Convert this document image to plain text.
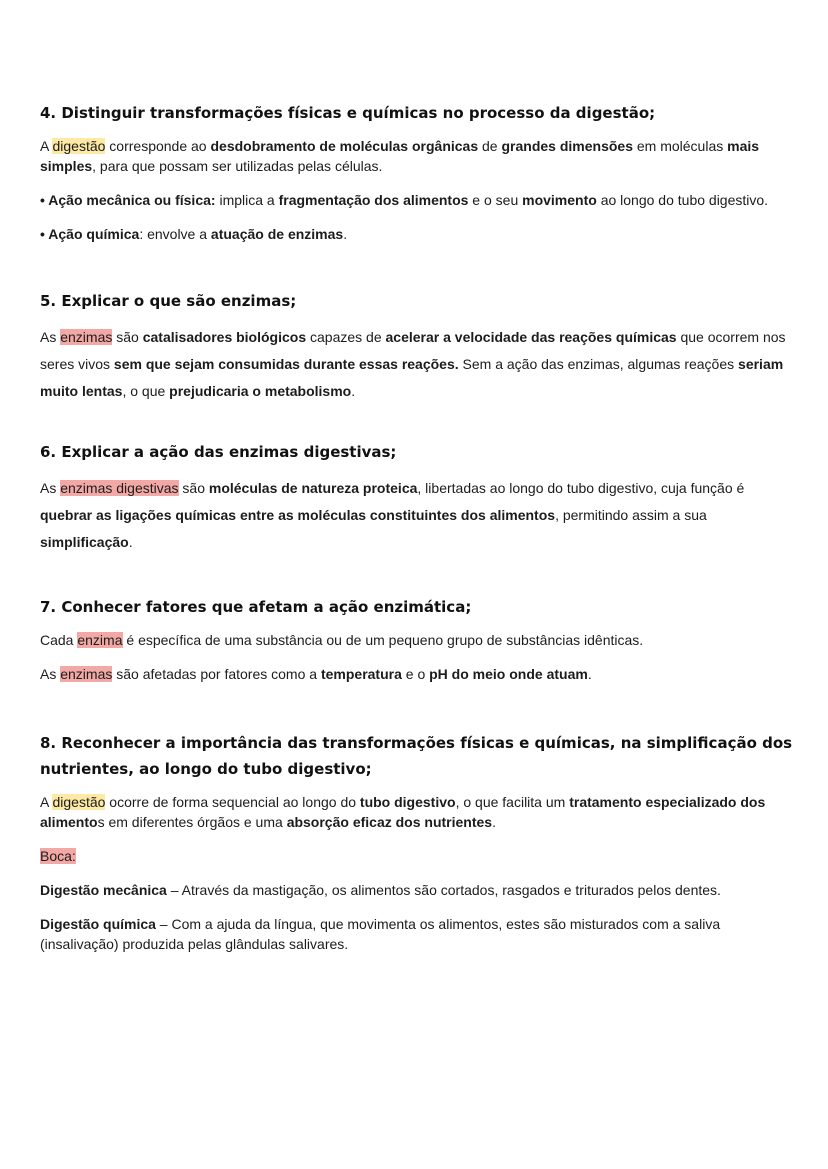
4. Distinguir transformações físicas e químicas no processo da digestão;

A digestão corresponde ao desdobramento de moléculas orgânicas de grandes dimensões em moléculas mais simples, para que possam ser utilizadas pelas células.

• Ação mecânica ou física: implica a fragmentação dos alimentos e o seu movimento ao longo do tubo digestivo.

• Ação química: envolve a atuação de enzimas.

5. Explicar o que são enzimas;

As enzimas são catalisadores biológicos capazes de acelerar a velocidade das reações químicas que ocorrem nos seres vivos sem que sejam consumidas durante essas reações. Sem a ação das enzimas, algumas reações seriam muito lentas, o que prejudicaria o metabolismo.

6. Explicar a ação das enzimas digestivas;

As enzimas digestivas são moléculas de natureza proteica, libertadas ao longo do tubo digestivo, cuja função é quebrar as ligações químicas entre as moléculas constituintes dos alimentos, permitindo assim a sua simplificação.

7. Conhecer fatores que afetam a ação enzimática;

Cada enzima é específica de uma substância ou de um pequeno grupo de substâncias idênticas.

As enzimas são afetadas por fatores como a temperatura e o pH do meio onde atuam.

8. Reconhecer a importância das transformações físicas e químicas, na simplificação dos nutrientes, ao longo do tubo digestivo;

A digestão ocorre de forma sequencial ao longo do tubo digestivo, o que facilita um tratamento especializado dos alimentos em diferentes órgãos e uma absorção eficaz dos nutrientes.

Boca:

Digestão mecânica – Através da mastigação, os alimentos são cortados, rasgados e triturados pelos dentes.

Digestão química – Com a ajuda da língua, que movimenta os alimentos, estes são misturados com a saliva (insalivação) produzida pelas glândulas salivares.
